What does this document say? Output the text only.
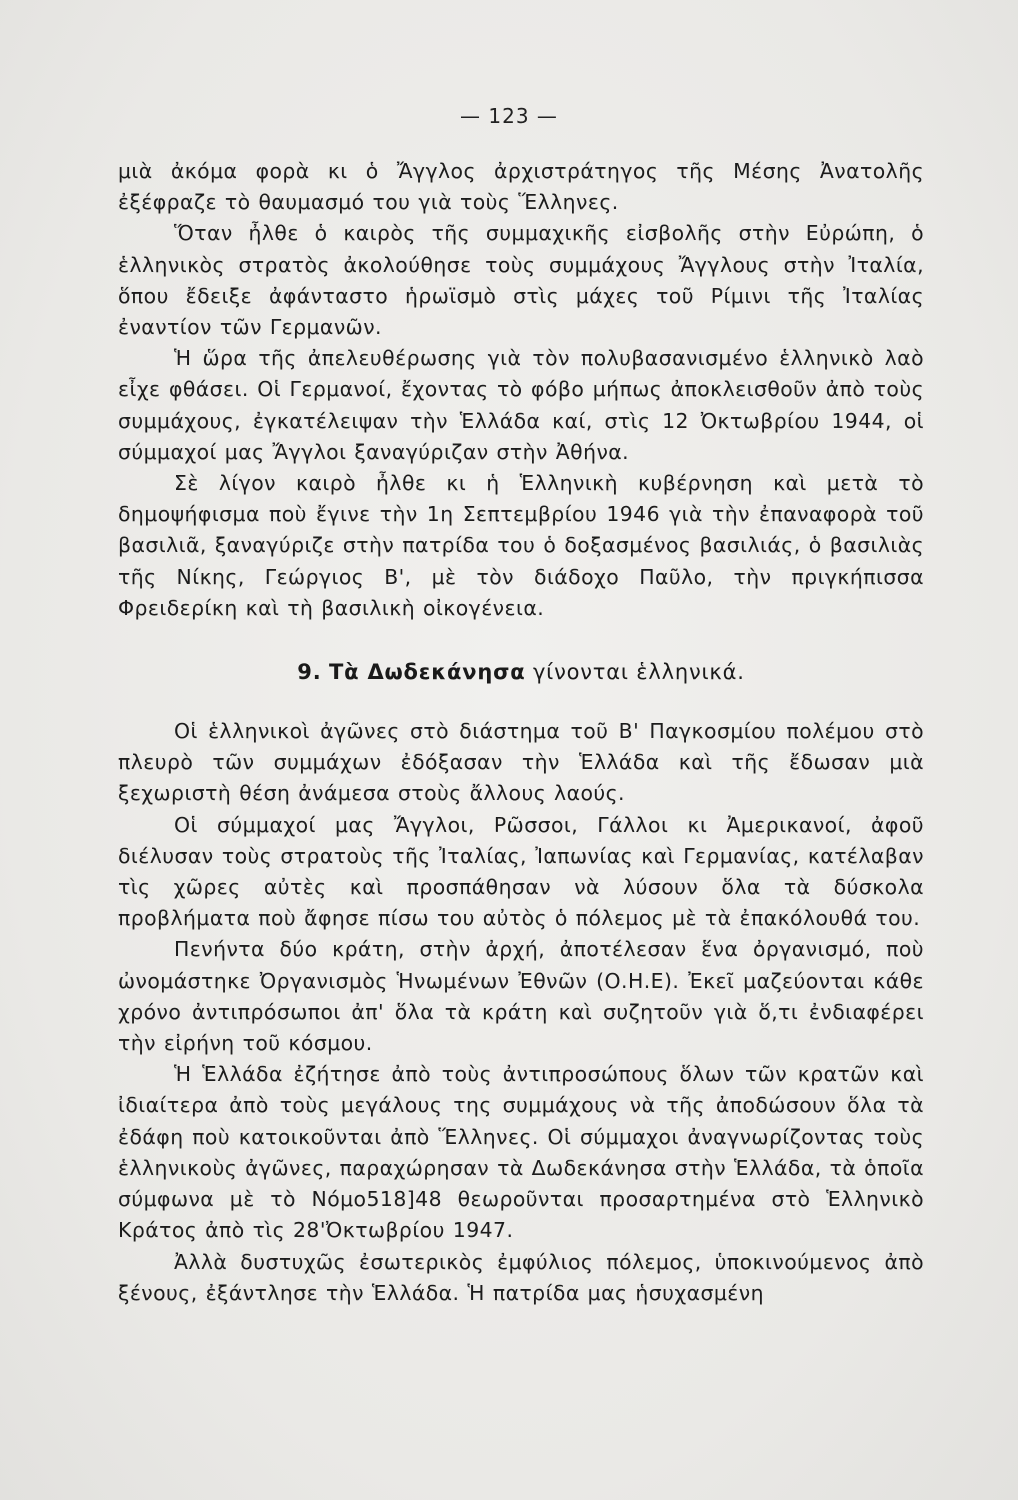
— 123 —

μιὰ ἀκόμα φορὰ κι ὁ Ἄγγλος ἀρχιστράτηγος τῆς Μέσης Ἀνατολῆς ἐξέφραζε τὸ θαυμασμό του γιὰ τοὺς Ἕλληνες.

Ὅταν ἦλθε ὁ καιρὸς τῆς συμμαχικῆς εἰσβολῆς στὴν Εὐρώπη, ὁ ἑλληνικὸς στρατὸς ἀκολούθησε τοὺς συμμάχους Ἄγγλους στὴν Ἰταλία, ὅπου ἔδειξε ἀφάνταστο ἡρωϊσμὸ στὶς μάχες τοῦ Ρίμινι τῆς Ἰταλίας ἐναντίον τῶν Γερμανῶν.

Ἡ ὥρα τῆς ἀπελευθέρωσης γιὰ τὸν πολυβασανισμένο ἑλληνικὸ λαὸ εἶχε φθάσει. Οἱ Γερμανοί, ἔχοντας τὸ φόβο μήπως ἀποκλεισθοῦν ἀπὸ τοὺς συμμάχους, ἐγκατέλειψαν τὴν Ἑλλάδα καί, στὶς 12 Ὀκτωβρίου 1944, οἱ σύμμαχοί μας Ἄγγλοι ξαναγύριζαν στὴν Ἀθήνα.

Σὲ λίγον καιρὸ ἦλθε κι ἡ Ἑλληνικὴ κυβέρνηση καὶ μετὰ τὸ δημοψήφισμα ποὺ ἔγινε τὴν 1η Σεπτεμβρίου 1946 γιὰ τὴν ἐπαναφορὰ τοῦ βασιλιᾶ, ξαναγύριζε στὴν πατρίδα του ὁ δοξασμένος βασιλιάς, ὁ βασιλιὰς τῆς Νίκης, Γεώργιος Β', μὲ τὸν διάδοχο Παῦλο, τὴν πριγκήπισσα Φρειδερίκη καὶ τὴ βασιλικὴ οἰκογένεια.

9. Τὰ Δωδεκάνησα γίνονται ἑλληνικά.

Οἱ ἑλληνικοὶ ἀγῶνες στὸ διάστημα τοῦ Β' Παγκοσμίου πολέμου στὸ πλευρὸ τῶν συμμάχων ἐδόξασαν τὴν Ἑλλάδα καὶ τῆς ἔδωσαν μιὰ ξεχωριστὴ θέση ἀνάμεσα στοὺς ἄλλους λαούς.

Οἱ σύμμαχοί μας Ἄγγλοι, Ρῶσσοι, Γάλλοι κι Ἀμερικανοί, ἀφοῦ διέλυσαν τοὺς στρατοὺς τῆς Ἰταλίας, Ἰαπωνίας καὶ Γερμανίας, κατέλαβαν τὶς χῶρες αὐτὲς καὶ προσπάθησαν νὰ λύσουν ὅλα τὰ δύσκολα προβλήματα ποὺ ἄφησε πίσω του αὐτὸς ὁ πόλεμος μὲ τὰ ἐπακόλουθά του.

Πενήντα δύο κράτη, στὴν ἀρχή, ἀποτέλεσαν ἕνα ὀργανισμό, ποὺ ὠνομάστηκε Ὀργανισμὸς Ἡνωμένων Ἐθνῶν (Ο.Η.Ε). Ἐκεῖ μαζεύονται κάθε χρόνο ἀντιπρόσωποι ἀπ' ὅλα τὰ κράτη καὶ συζητοῦν γιὰ ὅ,τι ἐνδιαφέρει τὴν εἰρήνη τοῦ κόσμου.

Ἡ Ἑλλάδα ἐζήτησε ἀπὸ τοὺς ἀντιπροσώπους ὅλων τῶν κρατῶν καὶ ἰδιαίτερα ἀπὸ τοὺς μεγάλους της συμμάχους νὰ τῆς ἀποδώσουν ὅλα τὰ ἐδάφη ποὺ κατοικοῦνται ἀπὸ Ἕλληνες. Οἱ σύμμαχοι ἀναγνωρίζοντας τοὺς ἑλληνικοὺς ἀγῶνες, παραχώρησαν τὰ Δωδεκάνησα στὴν Ἑλλάδα, τὰ ὁποῖα σύμφωνα μὲ τὸ Νόμο518]48 θεωροῦνται προσαρτημένα στὸ Ἑλληνικὸ Κράτος ἀπὸ τὶς 28'Ὀκτωβρίου 1947.

Ἀλλὰ δυστυχῶς ἐσωτερικὸς ἐμφύλιος πόλεμος, ὑποκινούμενος ἀπὸ ξένους, ἐξάντλησε τὴν Ἑλλάδα. Ἡ πατρίδα μας ἡσυχασμένη
